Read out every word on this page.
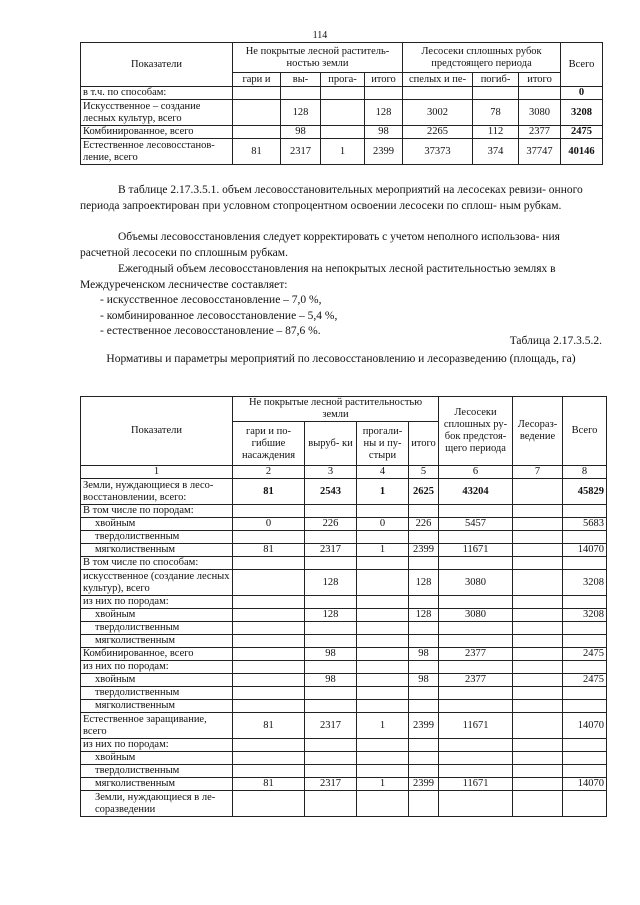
114
Показатели	Не покрытые лесной раститель- ностью земли				Лесосеки сплошных рубок предстоящего периода			Всего
	гари и	вы-	прога-	итого	спелых и пе-	погиб-	итого	
в т.ч. по способам:								0
Искусственное – создание лесных культур, всего		128		128	3002	78	3080	3208
Комбинированное, всего		98		98	2265	112	2377	2475
Естественное лесовосстанов- ление, всего	81	2317	1	2399	37373	374	37747	40146
В таблице 2.17.3.5.1. объем лесовосстановительных мероприятий на лесосеках ревизи- онного периода запроектирован при условном стопроцентном освоении лесосеки по сплош- ным рубкам.
Объемы лесовосстановления следует корректировать с учетом неполного использова- ния расчетной лесосеки по сплошным рубкам.
Ежегодный объем лесовосстановления на непокрытых лесной растительностью землях в Междуреченском лесничестве составляет:
- искусственное лесовосстановление – 7,0 %,
- комбинированное лесовосстановление – 5,4 %,
- естественное лесовосстановление – 87,6 %.
Таблица 2.17.3.5.2.
Нормативы и параметры мероприятий по лесовосстановлению и лесоразведению (площадь, га)
Показатели	Не покрытые лесной растительностью земли				Лесосеки сплошных ру- бок предстоя- щего периода	Лесораз- ведение	Всего
	гари и по- гибшие насаждения	выруб- ки	прогали- ны и пу- стыри	итого			
1	2	3	4	5	6	7	8
Земли, нуждающиеся в лесо- восстановлении, всего:	81	2543	1	2625	43204		45829
В том числе по породам:							
хвойным	0	226	0	226	5457		5683
твердолиственным							
мягколиственным	81	2317	1	2399	11671		14070
В том числе по способам:							
искусственное (создание лесных культур), всего		128		128	3080		3208
из них по породам:							
хвойным		128		128	3080		3208
твердолиственным							
мягколиственным							
Комбинированное, всего		98		98	2377		2475
из них по породам:							
хвойным		98		98	2377		2475
твердолиственным							
мягколиственным							
Естественное заращивание, всего	81	2317	1	2399	11671		14070
из них по породам:							
хвойным							
твердолиственным							
мягколиственным	81	2317	1	2399	11671		14070
Земли, нуждающиеся в ле- соразведении							
